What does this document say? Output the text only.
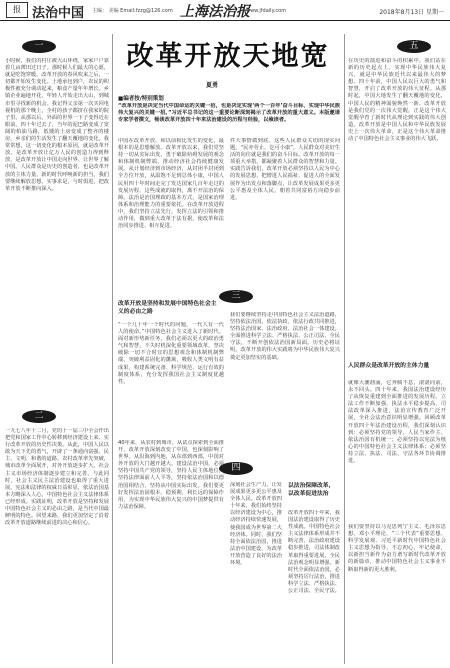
报 法治中国 主编： 美编 Email:fzzg@126.com 上海法治报
www.jfdaily.com	2018年8月13日 星期一
改革开放天地宽
夏勇
■编者按/特别策划
“改革开放是决定当代中国命运的关键一招，也是决定实现‘两个一百年’奋斗目标、实现中华民族伟大复兴的关键一招。”习近平总书记的这一重要论断深刻揭示了改革开放的重大意义。本版邀请专家学者撰文，畅谈改革开放四十年来法治建设的历程与经验，以飨读者。
一
二
三
四
五
小时候，我们的村庄被大山环绕，家家户户靠着几亩薄田过日子。那时候人们最大的心愿，就是吃饱穿暖。改革开放的春风吹来之后，一切都开始发生变化。土地承包到户，农民的积极性被充分调动起来，粮食产量年年增长。乡镇企业遍地开花，年轻人开始走出大山，到城市里寻找新的机会。我记得父亲第一次买回电视机的那个晚上，全村的孩子都挤在我家的院子里。从那以后，外面的世界一下子变得近在眼前。四十年过去了，当年的泥巴路变成了宽阔的柏油马路，低矮的土房变成了整齐的楼房，乡亲们的生活发生了翻天覆地的变化。我常常想，这一切变化的根本原因，就是改革开放。是改革开放让亿万人民的创造力得到释放，是改革开放让中国走向世界、让世界了解中国。人民群众是历史的创造者，也是改革开放的主体力量。新的时代呼唤新的担当，我们要继续解放思想，实事求是，与时俱进，把改革开放不断推向深入。
一九七八年十二月，党的十一届三中全会作出把党和国家工作中心转移到经济建设上来、实行改革开放的历史性决策。从此，中国人民以敢为天下先的勇气，开辟了一条通向富强、民主、文明、和谐的道路。农村改革率先突破，城市改革全面展开，对外开放逐步扩大，社会主义市场经济体制逐步建立和完善。与此同时，社会主义民主法治建设也取得了重大进展。宪法和法律的权威日益彰显，依法治国基本方略深入人心，中国特色社会主义法律体系已经形成。实践证明，改革开放是坚持和发展中国特色社会主义的必由之路，是当代中国最鲜明的特色。回望来路，我们更加坚定了沿着改革开放道路继续前进的决心和信心。
中国在改革开放、和以前相比发生的变化，最根本的是思想解放。改革开放以来，我们党坚持一切从实际出发，勇于破除妨碍发展的观念和体制机制弊端，推动经济社会持续健康发展。从计划经济到市场经济，从封闭半封闭到全方位开放，从温饱不足到总体小康，中国人民用四十年时间走完了发达国家几百年走过的发展历程。这些成就的取得，离不开法治的保障。法治是治国理政的基本方式，是国家治理体系和治理能力的重要依托。在改革开放进程中，我们坚持立法先行，发挥立法的引领和推动作用，做到重大改革于法有据，使改革和法治同步推进、相互促进。
改革开放是坚持和发展中国特色社会主义的必由之路
“一个几十年一个时代的问题，一代人有一代人的使命。”中国特色社会主义进入了新时代。面对新形势新任务，我们必须以更大的政治勇气和智慧，不失时机深化重要领域改革，坚决破除一切不合时宜的思想观念和体制机制弊端，突破利益固化的藩篱，吸收人类文明有益成果，构建系统完备、科学规范、运行有效的制度体系，充分发挥我国社会主义制度优越性。
40年来，从农村到城市，从试点探索到全面推开，改革开放深刻改变了中国，也深刻影响了世界。从沿海到内地，从东部到西部，中国对外开放的大门越开越大。建设法治中国，必须坚持中国共产党的领导，坚持人民主体地位，坚持法律面前人人平等，坚持依法治国和以德治国相结合，坚持从中国实际出发。我们要更好发挥法治固根本、稳预期、利长远的保障作用，为实现中华民族伟大复兴的中国梦提供有力法治保障。
件大事情做到底。这些人民群众关切的现实问题，“民亦劳止，汔可小康”，人民群众对美好生活的向往就是我们的奋斗目标。改革开放的每一项重大举措，都凝聚着人民群众的智慧和力量。实践告诉我们，改革开放必须坚持以人民为中心的发展思想，把增进人民福祉、促进人的全面发展作为出发点和落脚点，让改革发展成果更多更公平惠及全体人民，朝着共同富裕方向稳步前进。
我们要继续坚持走中国特色社会主义法治道路，坚持依法治国、依法执政、依法行政共同推进，坚持法治国家、法治政府、法治社会一体建设。全面推进科学立法、严格执法、公正司法、全民守法，不断开创依法治国新局面。历史必将证明，改革开放的伟大实践将为中华民族伟大复兴奠定更加坚实的基础。
深刻社会生产力，让发展成果更多更公平惠及全体人民。改革开放四十年来，我们始终坚持以经济建设为中心，推动经济持续快速发展，使我国成为世界第二大经济体。同时，我们坚持全面依法治国，推进法治中国建设，为改革开放营造了良好的法治环境。
以法治保障改革，以改革促进法治
改革开放四十年来，我国法治建设取得了历史性成就。中国特色社会主义法律体系形成并不断完善，法治政府建设稳步推进，司法体制改革取得重要进展，全民法治观念明显增强。新时代全面依法治国，必须坚持厉行法治，推进科学立法、严格执法、公正司法、全民守法。
在历史的演进和奋斗的积累中，我们站在新的历史起点上。实现中华民族伟大复兴，就是中华民族近代以来最伟大的梦想。四十年前，中国人民以巨大的勇气和智慧，开启了改革开放的伟大征程。从那时起，中国大地发生了翻天覆地的变化，中国人民的精神面貌焕然一新。改革开放是我们党的一次伟大觉醒，正是这个伟大觉醒孕育了新时代从理论到实践的伟大创造。改革开放是中国人民和中华民族发展史上一次伟大革命，正是这个伟大革命推动了中国特色社会主义事业的伟大飞跃。
人民群众是改革开放的主体力量
就像大潮汹涌，它奔腾不息，滚滚向前，永不回头。四十年来，我国法治建设经历了从恢复重建到全面推进的发展历程。立法工作不断加强，执法水平稳步提高，司法改革深入推进，法治宣传教育广泛开展，全社会法治意识明显增强。回顾改革开放四十年法治建设历程，我们深刻认识到：必须坚持党的领导、人民当家作主、依法治国有机统一；必须坚持以宪法为核心的中国特色社会主义法律体系；必须坚持立法、执法、司法、守法各环节协调推进。
我们要坚持以马克思列宁主义、毛泽东思想、邓小平理论、“三个代表”重要思想、科学发展观、习近平新时代中国特色社会主义思想为指导，不忘初心、牢记使命，以新担当新作为奋力谱写新时代改革开放的新篇章，推动中国特色社会主义事业不断取得新的更大胜利。
